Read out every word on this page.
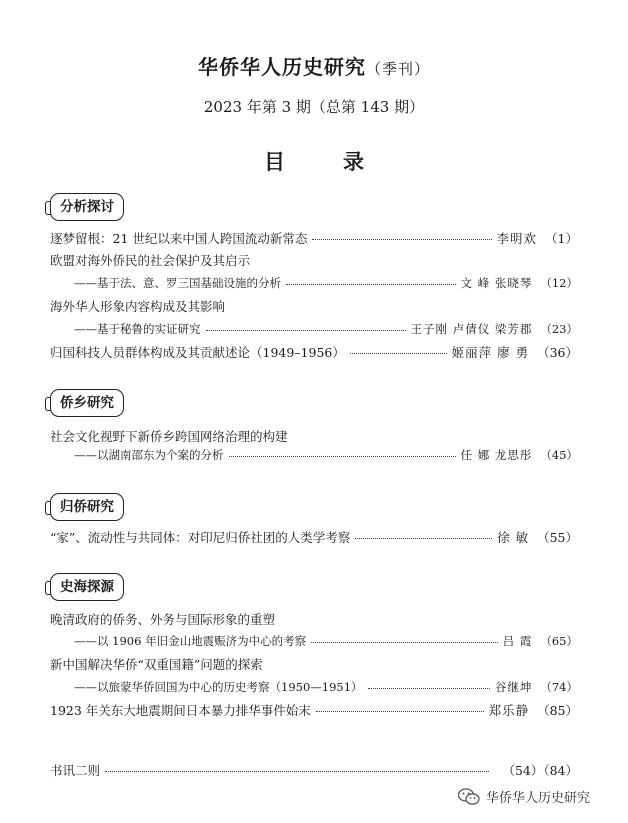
华侨华人历史研究（季刊）
2023 年第 3 期（总第 143 期）
目	录
分析探讨
逐梦留根：21 世纪以来中国人跨国流动新常态	李明欢 （1）
欧盟对海外侨民的社会保护及其启示
——基于法、意、罗三国基础设施的分析	文 峰 张晓琴 （12）
海外华人形象内容构成及其影响
——基于秘鲁的实证研究	王子刚 卢倩仪 梁芳郡 （23）
归国科技人员群体构成及其贡献述论（1949–1956）	姬丽萍 廖 勇 （36）
侨乡研究
社会文化视野下新侨乡跨国网络治理的构建
——以湖南邵东为个案的分析	任 娜 龙思彤 （45）
归侨研究
“家”、流动性与共同体：对印尼归侨社团的人类学考察	徐 敏 （55）
史海探源
晚清政府的侨务、外务与国际形象的重塑
——以 1906 年旧金山地震赈济为中心的考察	吕 霞 （65）
新中国解决华侨“双重国籍”问题的探索
——以旅蒙华侨回国为中心的历史考察（1950—1951）	谷继坤 （74）
1923 年关东大地震期间日本暴力排华事件始末	郑乐静 （85）
书讯二则	（54）（84）
华侨华人历史研究
